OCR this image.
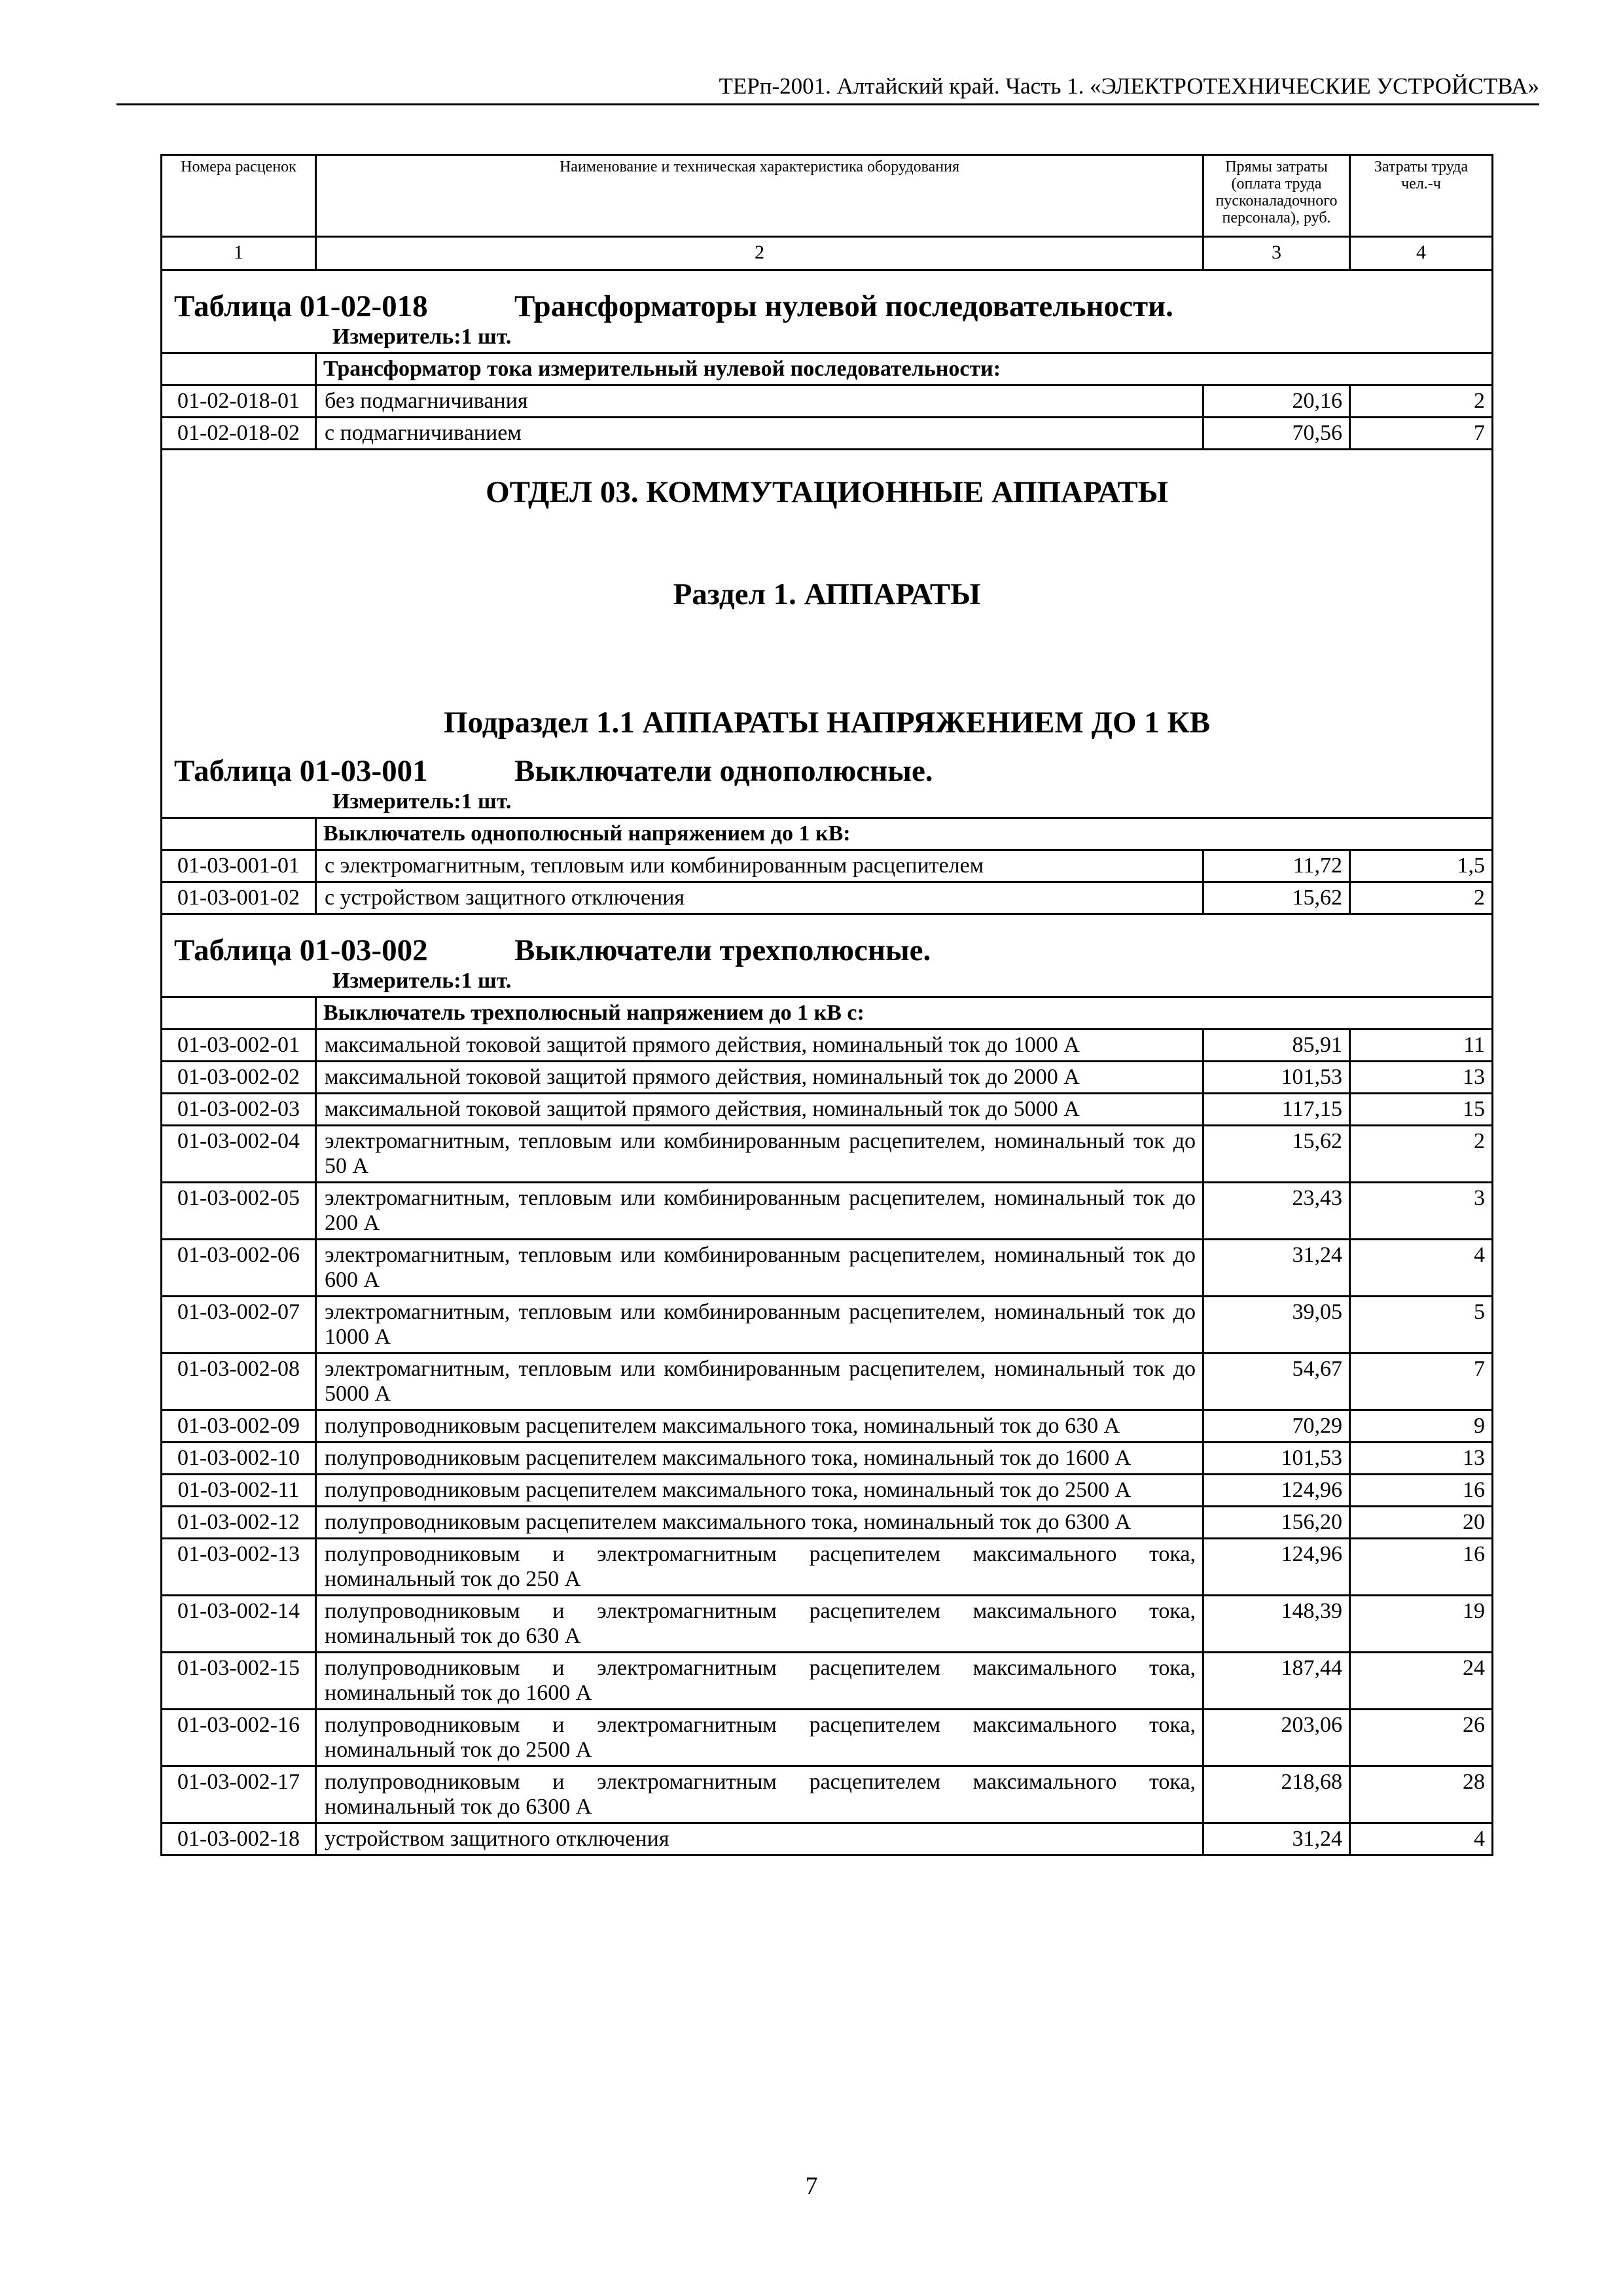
ТЕРп-2001. Алтайский край. Часть 1. «ЭЛЕКТРОТЕХНИЧЕСКИЕ УСТРОЙСТВА»
Номера расценок	Наименование и техническая характеристика оборудования	Прямы затраты (оплата труда пусконаладочного персонала), руб.	Затраты труда чел.-ч
1	2	3	4
Таблица 01-02-018 Трансформаторы нулевой последовательности.			
Измеритель:1 шт.			
	Трансформатор тока измерительный нулевой последовательности:		
01-02-018-01	без подмагничивания	20,16	2
01-02-018-02	с подмагничиванием	70,56	7
ОТДЕЛ 03. КОММУТАЦИОННЫЕ АППАРАТЫ			
Раздел 1. АППАРАТЫ			
Подраздел 1.1 АППАРАТЫ НАПРЯЖЕНИЕМ ДО 1 КВ			
Таблица 01-03-001 Выключатели однополюсные.			
Измеритель:1 шт.			
	Выключатель однополюсный напряжением до 1 кВ:		
01-03-001-01	с электромагнитным, тепловым или комбинированным расцепителем	11,72	1,5
01-03-001-02	с устройством защитного отключения	15,62	2
Таблица 01-03-002 Выключатели трехполюсные.			
Измеритель:1 шт.			
	Выключатель трехполюсный напряжением до 1 кВ с:		
01-03-002-01	максимальной токовой защитой прямого действия, номинальный ток до 1000 А	85,91	11
01-03-002-02	максимальной токовой защитой прямого действия, номинальный ток до 2000 А	101,53	13
01-03-002-03	максимальной токовой защитой прямого действия, номинальный ток до 5000 А	117,15	15
01-03-002-04	электромагнитным, тепловым или комбинированным расцепителем, номинальный ток до 50 А	15,62	2
01-03-002-05	электромагнитным, тепловым или комбинированным расцепителем, номинальный ток до 200 А	23,43	3
01-03-002-06	электромагнитным, тепловым или комбинированным расцепителем, номинальный ток до 600 А	31,24	4
01-03-002-07	электромагнитным, тепловым или комбинированным расцепителем, номинальный ток до 1000 А	39,05	5
01-03-002-08	электромагнитным, тепловым или комбинированным расцепителем, номинальный ток до 5000 А	54,67	7
01-03-002-09	полупроводниковым расцепителем максимального тока, номинальный ток до 630 А	70,29	9
01-03-002-10	полупроводниковым расцепителем максимального тока, номинальный ток до 1600 А	101,53	13
01-03-002-11	полупроводниковым расцепителем максимального тока, номинальный ток до 2500 А	124,96	16
01-03-002-12	полупроводниковым расцепителем максимального тока, номинальный ток до 6300 А	156,20	20
01-03-002-13	полупроводниковым и электромагнитным расцепителем максимального тока, номинальный ток до 250 А	124,96	16
01-03-002-14	полупроводниковым и электромагнитным расцепителем максимального тока, номинальный ток до 630 А	148,39	19
01-03-002-15	полупроводниковым и электромагнитным расцепителем максимального тока, номинальный ток до 1600 А	187,44	24
01-03-002-16	полупроводниковым и электромагнитным расцепителем максимального тока, номинальный ток до 2500 А	203,06	26
01-03-002-17	полупроводниковым и электромагнитным расцепителем максимального тока, номинальный ток до 6300 А	218,68	28
01-03-002-18	устройством защитного отключения	31,24	4
7
